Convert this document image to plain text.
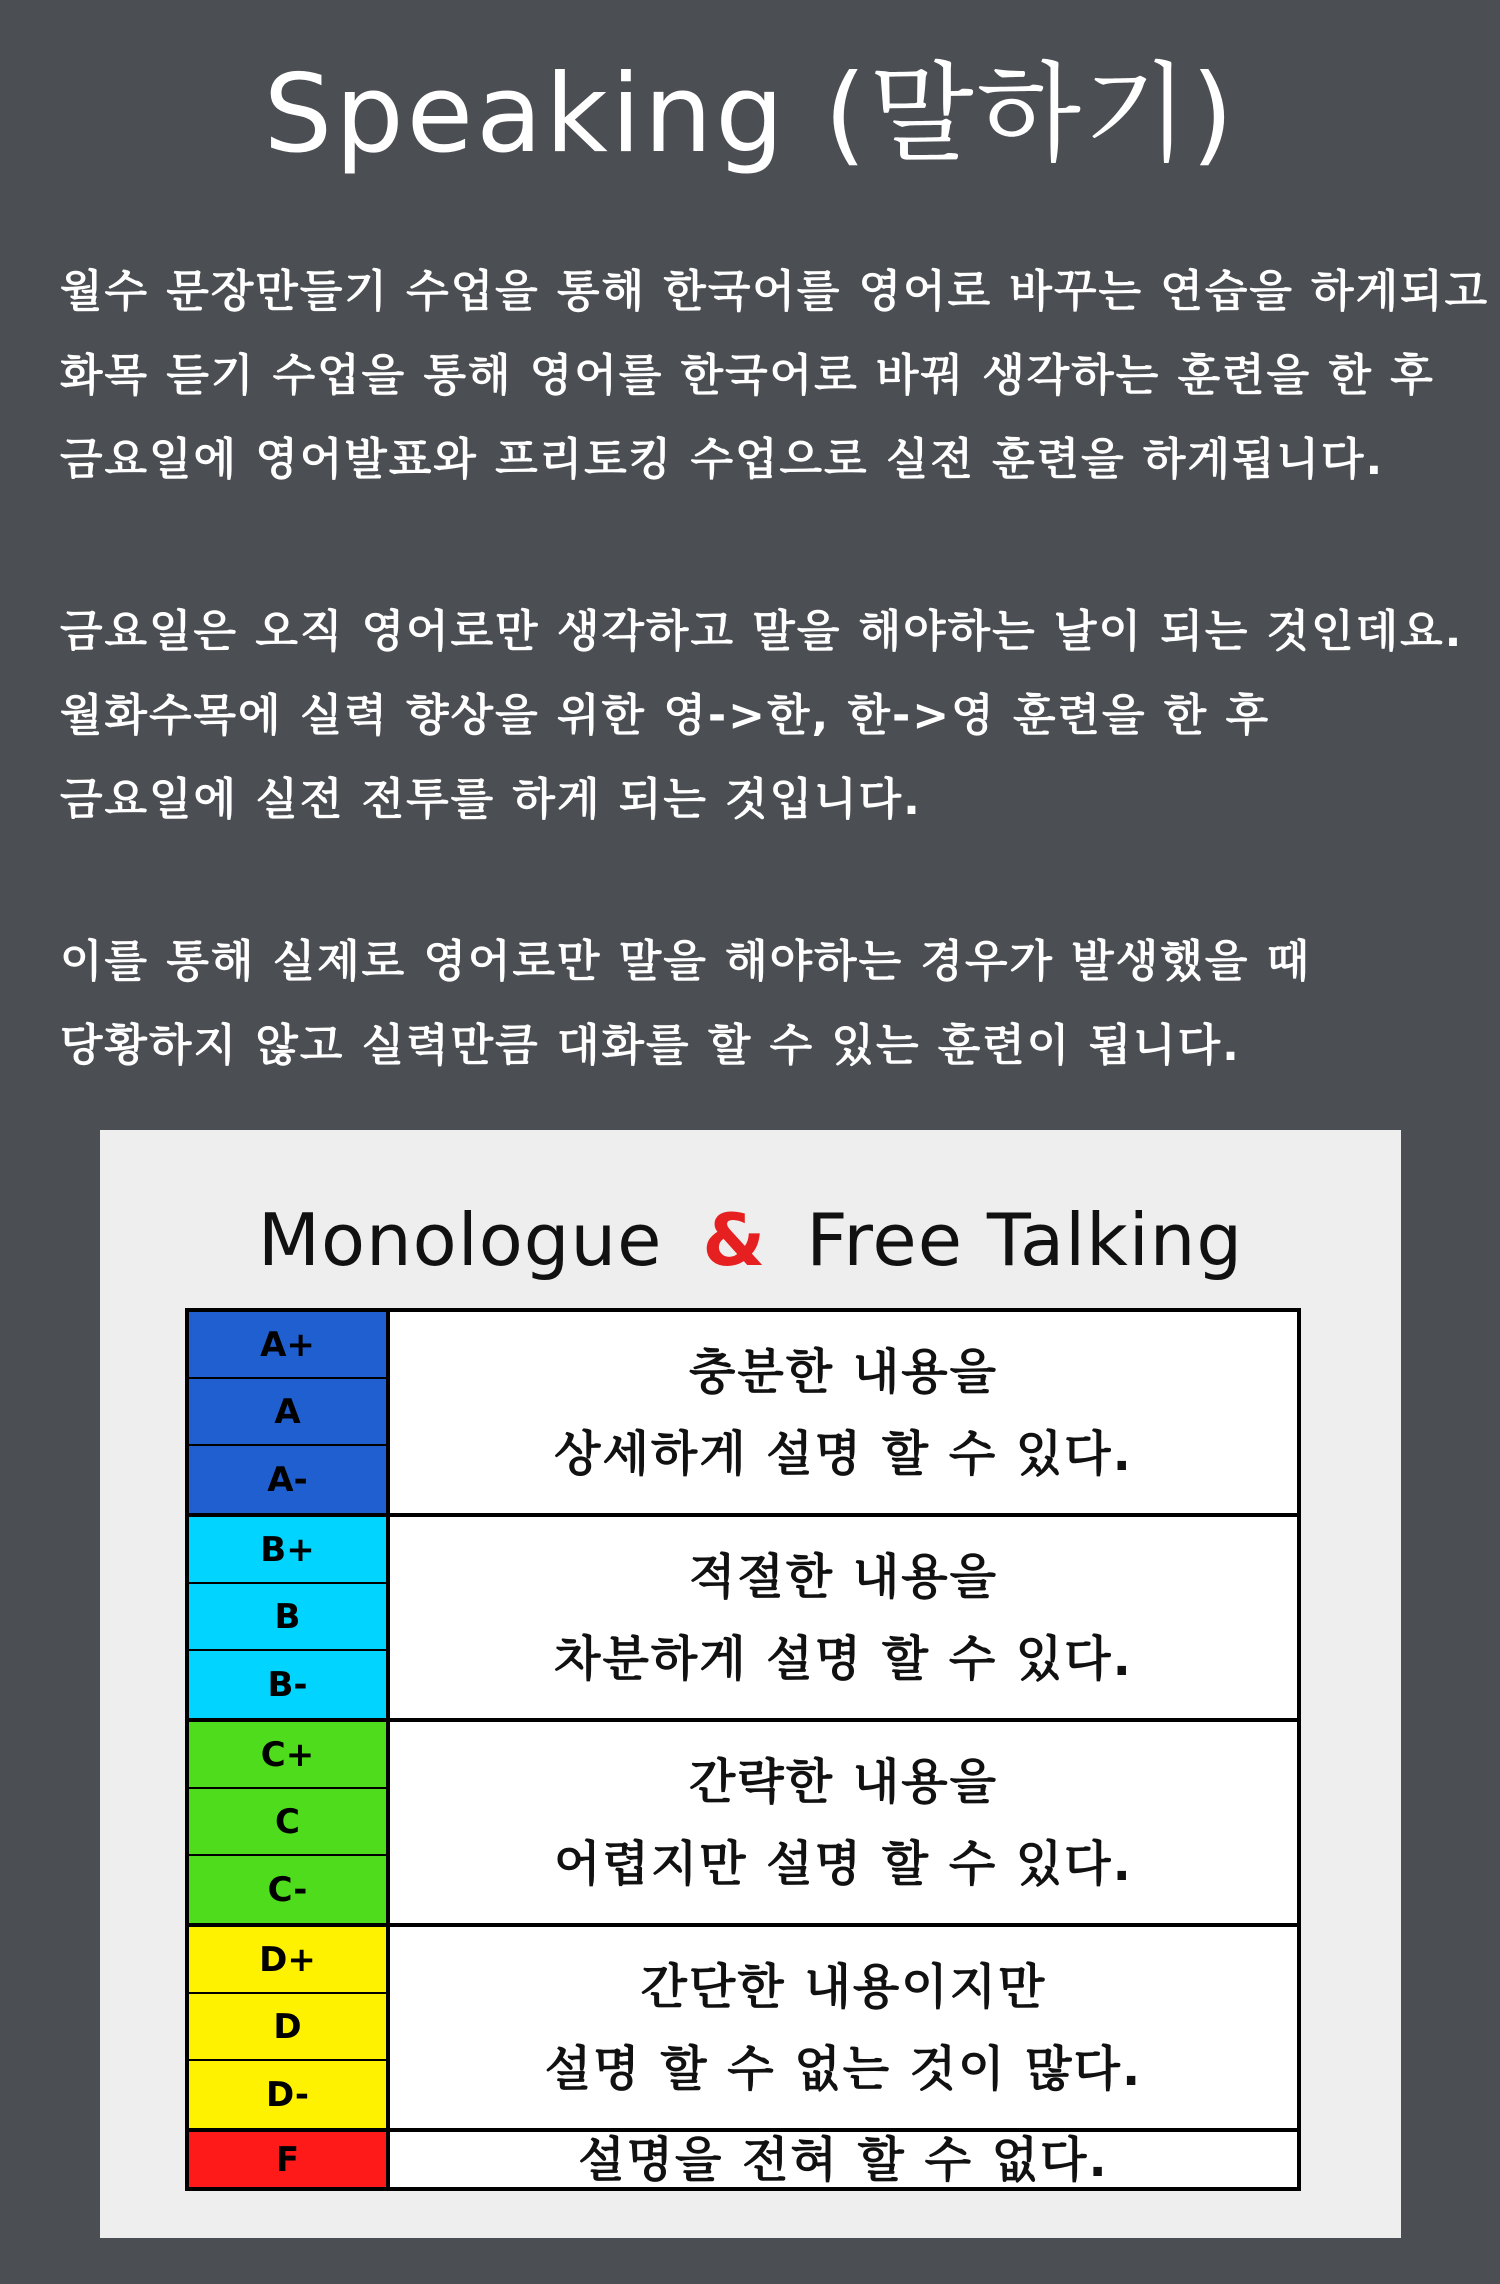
Speaking (말하기)
월수 문장만들기 수업을 통해 한국어를 영어로 바꾸는 연습을 하게되고
화목 듣기 수업을 통해 영어를 한국어로 바꿔 생각하는 훈련을 한 후
금요일에 영어발표와 프리토킹 수업으로 실전 훈련을 하게됩니다.
금요일은 오직 영어로만 생각하고 말을 해야하는 날이 되는 것인데요.
월화수목에 실력 향상을 위한 영->한, 한->영 훈련을 한 후
금요일에 실전 전투를 하게 되는 것입니다.
이를 통해 실제로 영어로만 말을 해야하는 경우가 발생했을 때
당황하지 않고 실력만큼 대화를 할 수 있는 훈련이 됩니다.
Monologue & Free Talking
A+
A
A-
충분한 내용을
상세하게 설명 할 수 있다.
B+
B
B-
적절한 내용을
차분하게 설명 할 수 있다.
C+
C
C-
간략한 내용을
어렵지만 설명 할 수 있다.
D+
D
D-
간단한 내용이지만
설명 할 수 없는 것이 많다.
F	설명을 전혀 할 수 없다.
